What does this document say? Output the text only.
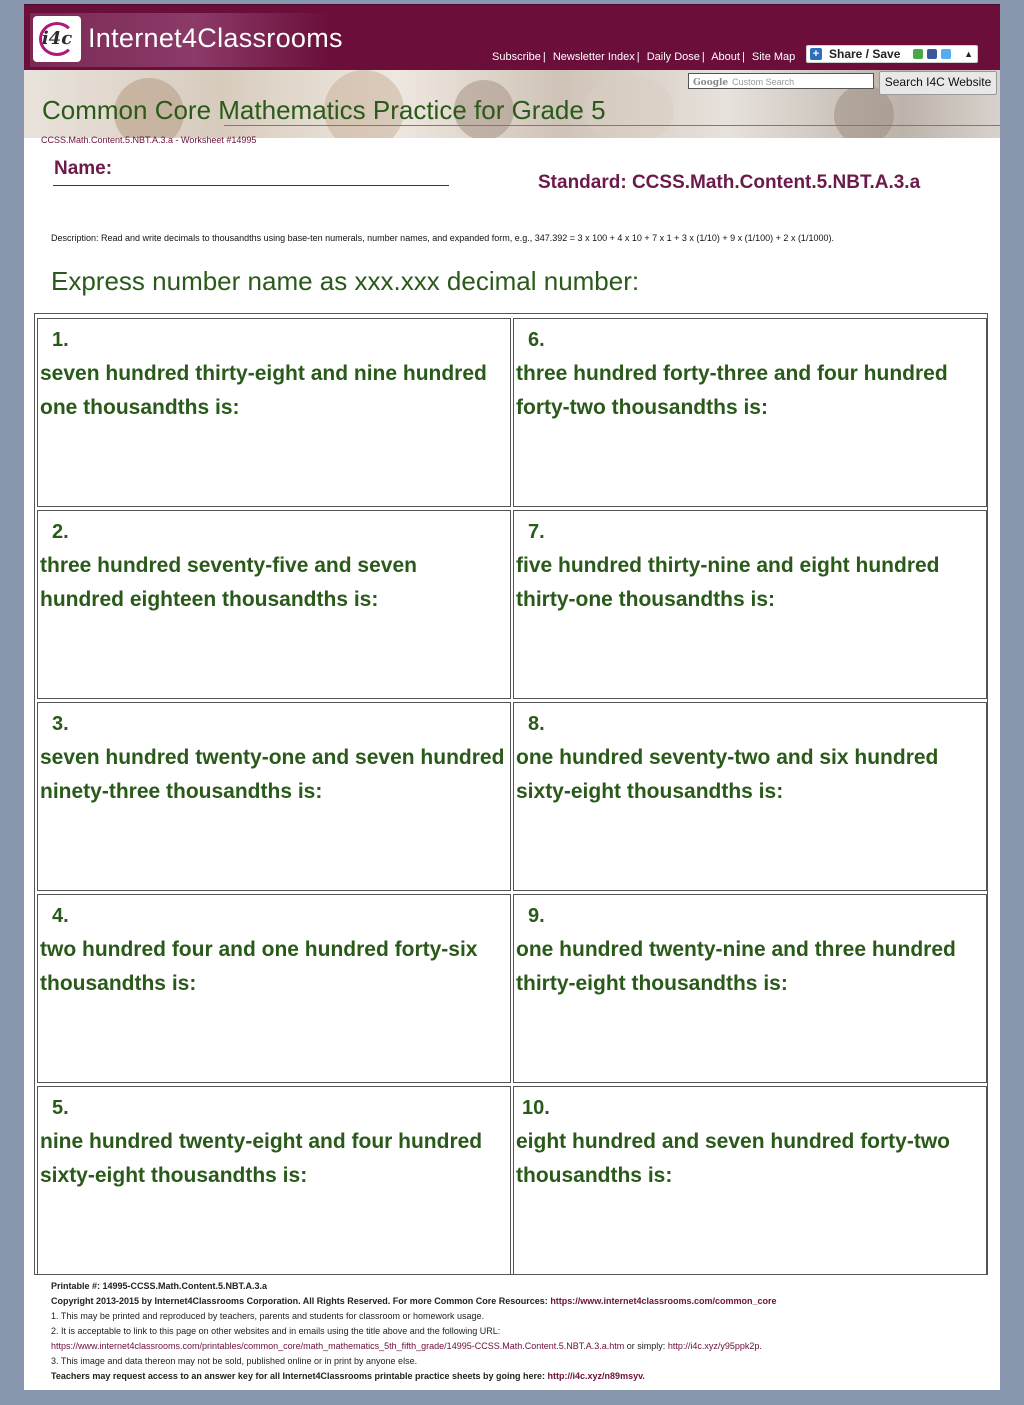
i4c Internet4Classrooms
Subscribe | Newsletter Index | Daily Dose | About | Site Map + Share / Save	▲

Google Custom Search	Search I4C Website
Common Core Mathematics Practice for Grade 5
CCSS.Math.Content.5.NBT.A.3.a - Worksheet #14995
Name:
Standard: CCSS.Math.Content.5.NBT.A.3.a
Description: Read and write decimals to thousandths using base-ten numerals, number names, and expanded form, e.g., 347.392 = 3 x 100 + 4 x 10 + 7 x 1 + 3 x (1/10) + 9 x (1/100) + 2 x (1/1000).
Express number name as xxx.xxx decimal number:
1.
seven hundred thirty-eight and nine hundred one thousandths is:
6.
three hundred forty-three and four hundred forty-two thousandths is:
2.
three hundred seventy-five and seven hundred eighteen thousandths is:
7.
five hundred thirty-nine and eight hundred thirty-one thousandths is:
3.
seven hundred twenty-one and seven hundred ninety-three thousandths is:
8.
one hundred seventy-two and six hundred sixty-eight thousandths is:
4.
two hundred four and one hundred forty-six thousandths is:
9.
one hundred twenty-nine and three hundred thirty-eight thousandths is:
5.
nine hundred twenty-eight and four hundred sixty-eight thousandths is:
10.
eight hundred and seven hundred forty-two thousandths is:
Printable #: 14995-CCSS.Math.Content.5.NBT.A.3.a
Copyright 2013-2015 by Internet4Classrooms Corporation. All Rights Reserved. For more Common Core Resources: https://www.internet4classrooms.com/common_core
1. This may be printed and reproduced by teachers, parents and students for classroom or homework usage.
2. It is acceptable to link to this page on other websites and in emails using the title above and the following URL:
https://www.internet4classrooms.com/printables/common_core/math_mathematics_5th_fifth_grade/14995-CCSS.Math.Content.5.NBT.A.3.a.htm or simply: http://i4c.xyz/y95ppk2p.
3. This image and data thereon may not be sold, published online or in print by anyone else.
Teachers may request access to an answer key for all Internet4Classrooms printable practice sheets by going here: http://i4c.xyz/n89msyv.
